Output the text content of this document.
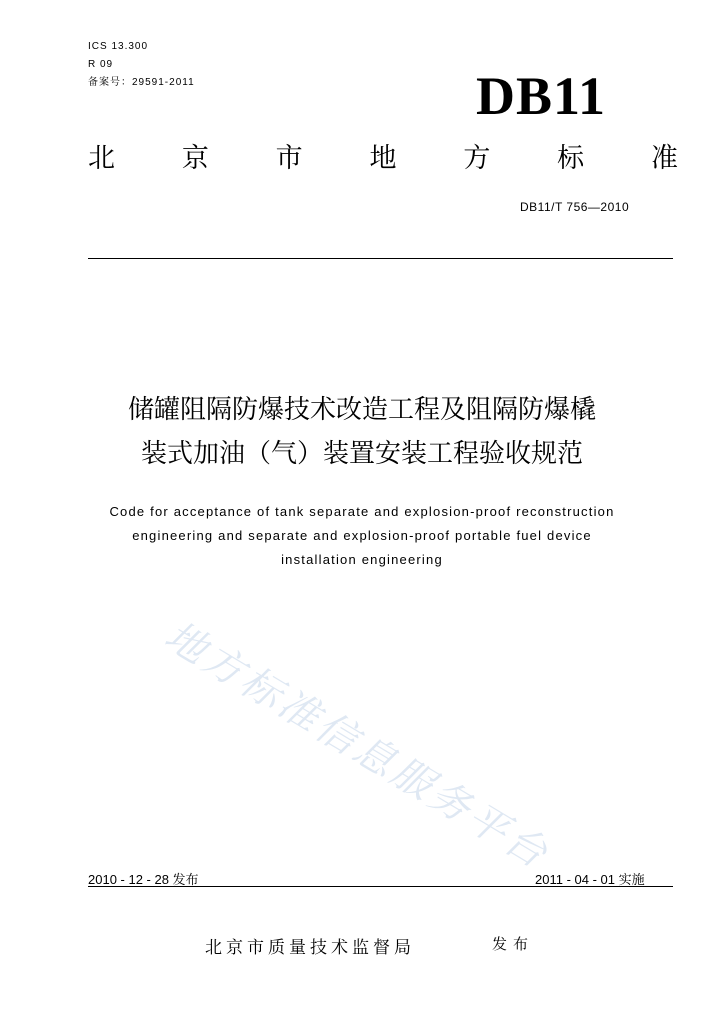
ICS 13.300
R 09
备案号：29591-2011	DB11
北 京 市 地 方 标 准
DB11/T 756—2010
储罐阻隔防爆技术改造工程及阻隔防爆橇
装式加油（气）装置安装工程验收规范
Code for acceptance of tank separate and explosion-proof reconstruction
engineering and separate and explosion-proof portable fuel device
installation engineering
地方标准信息服务平台
2010 - 12 - 28 发布	2011 - 04 - 01 实施
北京市质量技术监督局	发布
